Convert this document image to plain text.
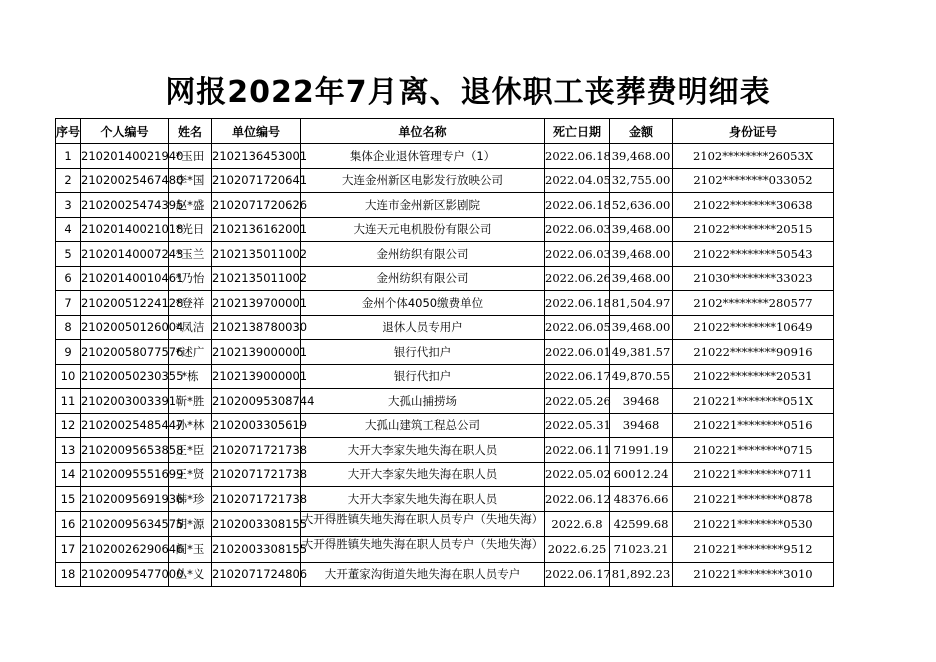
网报2022年7月离、退休职工丧葬费明细表
序号	个人编号	姓名	单位编号	单位名称	死亡日期	金额	身份证号
1	21020140021940	*玉田	2102136453001	集体企业退休管理专户（1）	2022.06.18	39,468.00	2102********26053X
2	21020025467480	李*国	2102071720641	大连金州新区电影发行放映公司	2022.04.05	32,755.00	2102********033052
3	21020025474395	赵*盛	2102071720626	大连市金州新区影剧院	2022.06.18	52,636.00	21022********30638
4	21020140021018	*光日	2102136162001	大连天元电机股份有限公司	2022.06.03	39,468.00	21022********20515
5	21020140007243	*玉兰	2102135011002	金州纺织有限公司	2022.06.03	39,468.00	21022********50543
6	21020140010461	*乃怡	2102135011002	金州纺织有限公司	2022.06.26	39,468.00	21030********33023
7	21020051224128	*登祥	2102139700001	金州个体4050缴费单位	2022.06.18	81,504.97	2102********280577
8	21020050126004	*凤洁	2102138780030	退休人员专用户	2022.06.05	39,468.00	21022********10649
9	21020058077576	*述广	2102139000001	银行代扣户	2022.06.01	49,381.57	21022********90916
10	21020050230355	*栋	2102139000001	银行代扣户	2022.06.17	49,870.55	21022********20531
11	2102003003391	靳*胜	21020095308744	大孤山捕捞场	2022.05.26	39468	210221********051X
12	21020025485447	孙*林	2102003305619	大孤山建筑工程总公司	2022.05.31	39468	210221********0516
13	21020095653858	王*臣	2102071721738	大开大李家失地失海在职人员	2022.06.11	71991.19	210221********0715
14	21020095551699	王*贤	2102071721738	大开大李家失地失海在职人员	2022.05.02	60012.24	210221********0711
15	21020095691936	韩*珍	2102071721738	大开大李家失地失海在职人员	2022.06.12	48376.66	210221********0878
16	21020095634575	胡*源	2102003308155	大开得胜镇失地失海在职人员专户（失地失海）	2022.6.8	42599.68	210221********0530
17	21020026290646	阎*玉	2102003308155	大开得胜镇失地失海在职人员专户（失地失海）	2022.6.25	71023.21	210221********9512
18	21020095477000	丛*义	2102071724806	大开董家沟街道失地失海在职人员专户	2022.06.17	81,892.23	210221********3010
